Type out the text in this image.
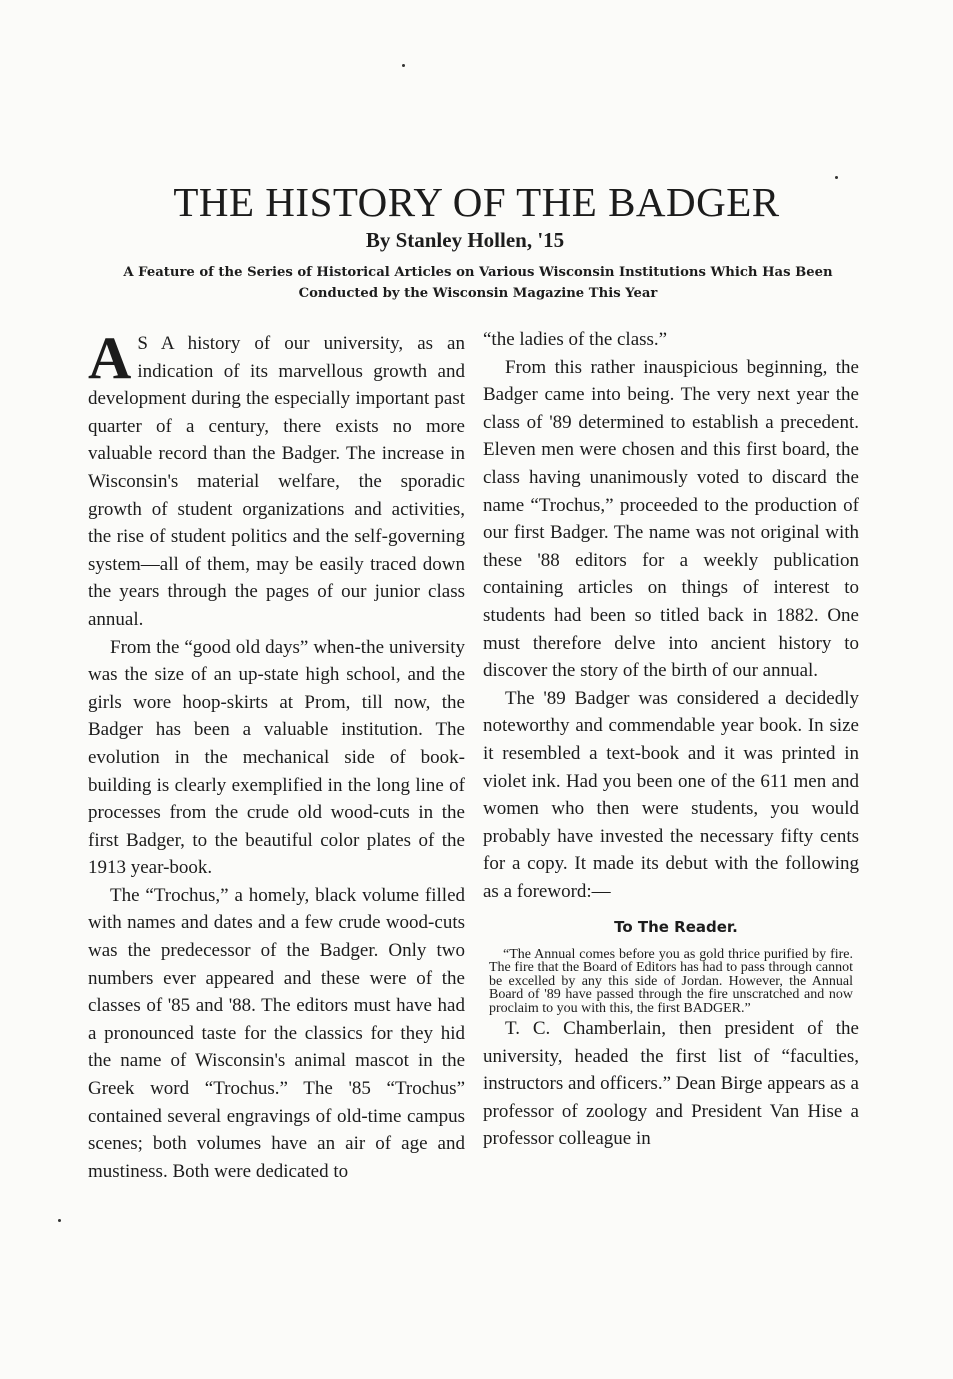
THE HISTORY OF THE BADGER
By Stanley Hollen, '15
A Feature of the Series of Historical Articles on Various Wisconsin Institutions Which Has Been Conducted by the Wisconsin Magazine This Year

A S A history of our university, as an indication of its marvellous growth and development during the especially important past quarter of a century, there exists no more valuable record than the Badger. The increase in Wisconsin's material welfare, the sporadic growth of student organizations and activities, the rise of student politics and the self-governing system—all of them, may be easily traced down the years through the pages of our junior class annual.

From the “good old days” when-the university was the size of an up-state high school, and the girls wore hoop-skirts at Prom, till now, the Badger has been a valuable institution. The evolution in the mechanical side of book-building is clearly exemplified in the long line of processes from the crude old wood-cuts in the first Badger, to the beautiful color plates of the 1913 year-book.

The “Trochus,” a homely, black volume filled with names and dates and a few crude wood-cuts was the predecessor of the Badger. Only two numbers ever appeared and these were of the classes of '85 and '88. The editors must have had a pronounced taste for the classics for they hid the name of Wisconsin's animal mascot in the Greek word “Trochus.” The '85 “Trochus” contained several engravings of old-time campus scenes; both volumes have an air of age and mustiness. Both were dedicated to

“the ladies of the class.”

From this rather inauspicious beginning, the Badger came into being. The very next year the class of '89 determined to establish a precedent. Eleven men were chosen and this first board, the class having unanimously voted to discard the name “Trochus,” proceeded to the production of our first Badger. The name was not original with these '88 editors for a weekly publication containing articles on things of interest to students had been so titled back in 1882. One must therefore delve into ancient history to discover the story of the birth of our annual.

The '89 Badger was considered a decidedly noteworthy and commendable year book. In size it resembled a text-book and it was printed in violet ink. Had you been one of the 611 men and women who then were students, you would probably have invested the necessary fifty cents for a copy. It made its debut with the following as a foreword:—

To The Reader.

“The Annual comes before you as gold thrice purified by fire. The fire that the Board of Editors has had to pass through cannot be excelled by any this side of Jordan. However, the Annual Board of '89 have passed through the fire unscratched and now proclaim to you with this, the first BADGER.”

T. C. Chamberlain, then president of the university, headed the first list of “faculties, instructors and officers.” Dean Birge appears as a professor of zoology and President Van Hise a professor colleague in
